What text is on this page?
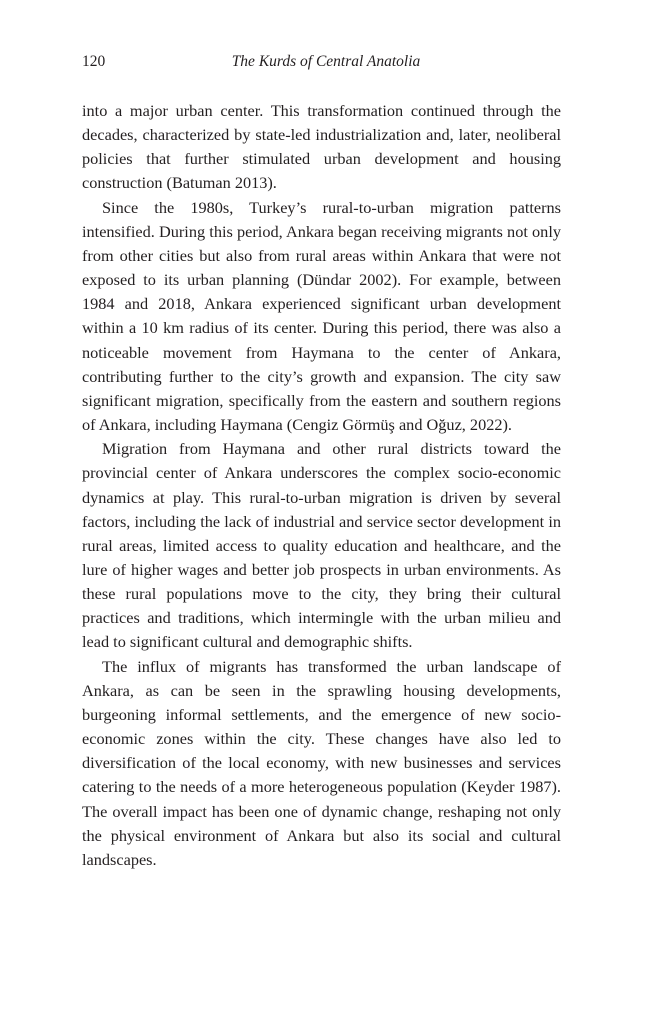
120	The Kurds of Central Anatolia

into a major urban center. This transformation continued through the decades, characterized by state-led industrialization and, later, neoliberal policies that further stimulated urban development and housing construction (Batuman 2013).

Since the 1980s, Turkey’s rural-to-urban migration patterns intensified. During this period, Ankara began receiving migrants not only from other cities but also from rural areas within Ankara that were not exposed to its urban planning (Dündar 2002). For example, between 1984 and 2018, Ankara experienced significant urban development within a 10 km radius of its center. During this period, there was also a noticeable movement from Haymana to the center of Ankara, contributing further to the city’s growth and expansion. The city saw significant migration, specifically from the eastern and southern regions of Ankara, including Haymana (Cengiz Görmüş and Oğuz, 2022).

Migration from Haymana and other rural districts toward the provincial center of Ankara underscores the complex socio-economic dynamics at play. This rural-to-urban migration is driven by several factors, including the lack of industrial and service sector development in rural areas, limited access to quality education and healthcare, and the lure of higher wages and better job prospects in urban environments. As these rural populations move to the city, they bring their cultural practices and traditions, which intermingle with the urban milieu and lead to significant cultural and demographic shifts.

The influx of migrants has transformed the urban landscape of Ankara, as can be seen in the sprawling housing developments, burgeoning informal settlements, and the emergence of new socio-economic zones within the city. These changes have also led to diversification of the local economy, with new businesses and services catering to the needs of a more heterogeneous population (Keyder 1987). The overall impact has been one of dynamic change, reshaping not only the physical environment of Ankara but also its social and cultural landscapes.
